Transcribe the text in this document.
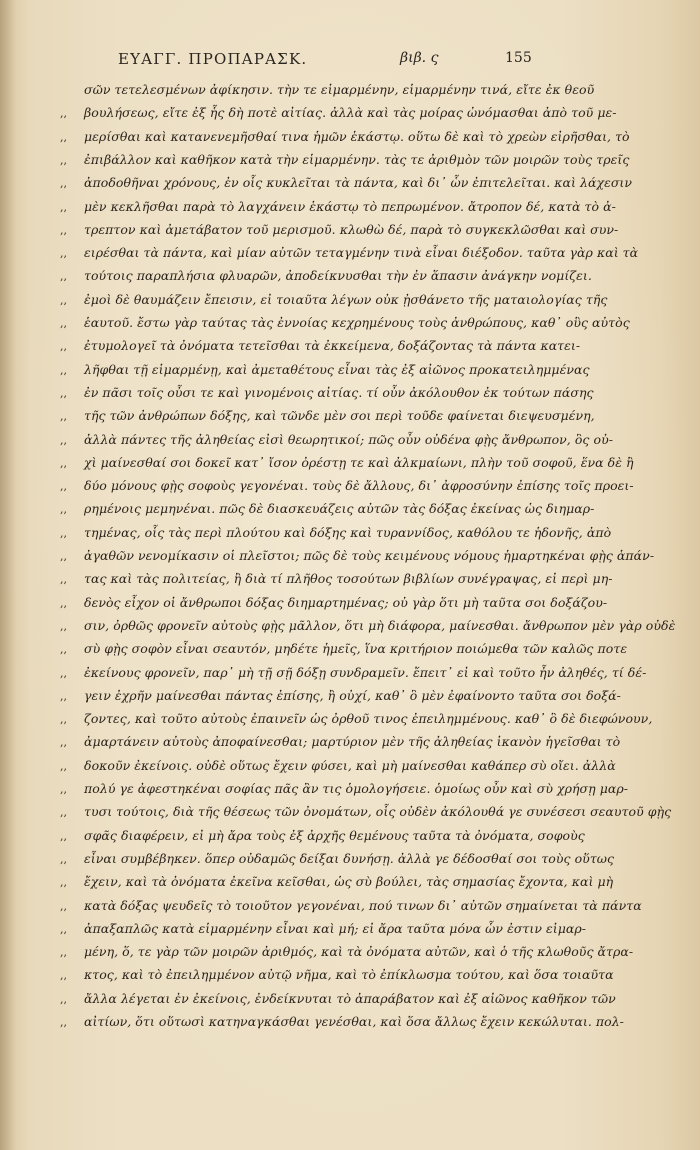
ΕΥΑΓΓ. ΠΡΟΠΑΡΑΣΚ.	βιβ. ς	155
σῶν τετελεσμένων ἀφίκησιν. τὴν τε εἱμαρμένην, εἱμαρμένην τινά, εἴτε ἐκ θεοῦ
,,	βουλήσεως, εἴτε ἐξ ἧς δὴ ποτὲ αἰτίας. ἀλλὰ καὶ τὰς μοίρας ὠνόμασθαι ἀπὸ τοῦ με-
,,	μερίσθαι καὶ κατανενεμῆσθαί τινα ἡμῶν ἑκάστῳ. οὕτω δὲ καὶ τὸ χρεὼν εἰρῆσθαι, τὸ
,,	ἐπιβάλλον καὶ καθῆκον κατὰ τὴν εἱμαρμένην. τὰς τε ἀριθμὸν τῶν μοιρῶν τοὺς τρεῖς
,,	ἀποδοθῆναι χρόνους, ἐν οἷς κυκλεῖται τὰ πάντα, καὶ δι᾽ ὧν ἐπιτελεῖται. καὶ λάχεσιν
,,	μὲν κεκλῆσθαι παρὰ τὸ λαγχάνειν ἑκάστῳ τὸ πεπρωμένον. ἄτροπον δέ, κατὰ τὸ ἀ-
,,	τρεπτον καὶ ἀμετάβατον τοῦ μερισμοῦ. κλωθὼ δέ, παρὰ τὸ συγκεκλῶσθαι καὶ συν-
,,	ειρέσθαι τὰ πάντα, καὶ μίαν αὐτῶν τεταγμένην τινὰ εἶναι διέξοδον. ταῦτα γὰρ καὶ τὰ
,,	τούτοις παραπλήσια φλυαρῶν, ἀποδείκνυσθαι τὴν ἐν ἅπασιν ἀνάγκην νομίζει.
,,	ἐμοὶ δὲ θαυμάζειν ἔπεισιν, εἰ τοιαῦτα λέγων οὐκ ᾐσθάνετο τῆς ματαιολογίας τῆς
,,	ἑαυτοῦ. ἔστω γὰρ ταύτας τὰς ἐννοίας κεχρημένους τοὺς ἀνθρώπους, καθ᾽ οὓς αὐτὸς
,,	ἐτυμολογεῖ τὰ ὀνόματα τετεῖσθαι τὰ ἐκκείμενα, δοξάζοντας τὰ πάντα κατει-
,,	λῆφθαι τῇ εἱμαρμένῃ, καὶ ἀμεταθέτους εἶναι τὰς ἐξ αἰῶνος προκατειλημμένας
,,	ἐν πᾶσι τοῖς οὖσι τε καὶ γινομένοις αἰτίας. τί οὖν ἀκόλουθον ἐκ τούτων πάσης
,,	τῆς τῶν ἀνθρώπων δόξης, καὶ τῶνδε μὲν σοι περὶ τοῦδε φαίνεται διεψευσμένη,
,,	ἀλλὰ πάντες τῆς ἀληθείας εἰσὶ θεωρητικοί; πῶς οὖν οὐδένα φῂς ἄνθρωπον, ὃς οὐ-
,,	χὶ μαίνεσθαί σοι δοκεῖ κατ᾽ ἴσον ὀρέστῃ τε καὶ ἀλκμαίωνι, πλὴν τοῦ σοφοῦ, ἕνα δὲ ἢ
,,	δύο μόνους φῂς σοφοὺς γεγονέναι. τοὺς δὲ ἄλλους, δι᾽ ἀφροσύνην ἐπίσης τοῖς προει-
,,	ρημένοις μεμηνέναι. πῶς δὲ διασκευάζεις αὐτῶν τὰς δόξας ἐκείνας ὡς διημαρ-
,,	τημένας, οἷς τὰς περὶ πλούτου καὶ δόξης καὶ τυραννίδος, καθόλου τε ἡδονῆς, ἀπὸ
,,	ἀγαθῶν νενομίκασιν οἱ πλεῖστοι; πῶς δὲ τοὺς κειμένους νόμους ἡμαρτηκέναι φῂς ἁπάν-
,,	τας καὶ τὰς πολιτείας, ἢ διὰ τί πλῆθος τοσούτων βιβλίων συνέγραψας, εἰ περὶ μη-
,,	δενὸς εἶχον οἱ ἄνθρωποι δόξας διημαρτημένας; οὐ γὰρ ὅτι μὴ ταῦτα σοι δοξάζου-
,,	σιν, ὀρθῶς φρονεῖν αὐτοὺς φῂς μᾶλλον, ὅτι μὴ διάφορα, μαίνεσθαι. ἄνθρωπον μὲν γὰρ οὐδὲ
,,	σὺ φῂς σοφὸν εἶναι σεαυτόν, μηδέτε ἡμεῖς, ἵνα κριτήριον ποιώμεθα τῶν καλῶς ποτε
,,	ἐκείνους φρονεῖν, παρ᾽ μὴ τῇ σῇ δόξῃ συνδραμεῖν. ἔπειτ᾽ εἰ καὶ τοῦτο ἦν ἀληθές, τί δέ-
,,	γειν ἐχρῆν μαίνεσθαι πάντας ἐπίσης, ἢ οὐχί, καθ᾽ ὃ μὲν ἐφαίνοντο ταῦτα σοι δοξά-
,,	ζοντες, καὶ τοῦτο αὐτοὺς ἐπαινεῖν ὡς ὀρθοῦ τινος ἐπειλημμένους. καθ᾽ ὃ δὲ διεφώνουν,
,,	ἀμαρτάνειν αὐτοὺς ἀποφαίνεσθαι; μαρτύριον μὲν τῆς ἀληθείας ἱκανὸν ἡγεῖσθαι τὸ
,,	δοκοῦν ἐκείνοις. οὐδὲ οὕτως ἔχειν φύσει, καὶ μὴ μαίνεσθαι καθάπερ σὺ οἴει. ἀλλὰ
,,	πολύ γε ἀφεστηκέναι σοφίας πᾶς ἂν τις ὁμολογήσειε. ὁμοίως οὖν καὶ σὺ χρήσῃ μαρ-
,,	τυσι τούτοις, διὰ τῆς θέσεως τῶν ὀνομάτων, οἷς οὐδὲν ἀκόλουθά γε συνέσεσι σεαυτοῦ φῂς
,,	σφᾶς διαφέρειν, εἰ μὴ ἄρα τοὺς ἐξ ἀρχῆς θεμένους ταῦτα τὰ ὀνόματα, σοφοὺς
,,	εἶναι συμβέβηκεν. ὅπερ οὐδαμῶς δείξαι δυνήσῃ. ἀλλὰ γε δέδοσθαί σοι τοὺς οὕτως
,,	ἔχειν, καὶ τὰ ὀνόματα ἐκεῖνα κεῖσθαι, ὡς σὺ βούλει, τὰς σημασίας ἔχοντα, καὶ μὴ
,,	κατὰ δόξας ψευδεῖς τὸ τοιοῦτον γεγονέναι, πού τινων δι᾽ αὐτῶν σημαίνεται τὰ πάντα
,,	ἀπαξαπλῶς κατὰ εἱμαρμένην εἶναι καὶ μή; εἰ ἄρα ταῦτα μόνα ὧν ἐστιν εἱμαρ-
,,	μένη, ὅ, τε γὰρ τῶν μοιρῶν ἀριθμός, καὶ τὰ ὀνόματα αὐτῶν, καὶ ὁ τῆς κλωθοῦς ἄτρα-
,,	κτος, καὶ τὸ ἐπειλημμένον αὐτῷ νῆμα, καὶ τὸ ἐπίκλωσμα τούτου, καὶ ὅσα τοιαῦτα
,,	ἄλλα λέγεται ἐν ἐκείνοις, ἐνδείκνυται τὸ ἀπαράβατον καὶ ἐξ αἰῶνος καθῆκον τῶν
,,	αἰτίων, ὅτι οὕτωσὶ κατηναγκάσθαι γενέσθαι, καὶ ὅσα ἄλλως ἔχειν κεκώλυται. πολ-
